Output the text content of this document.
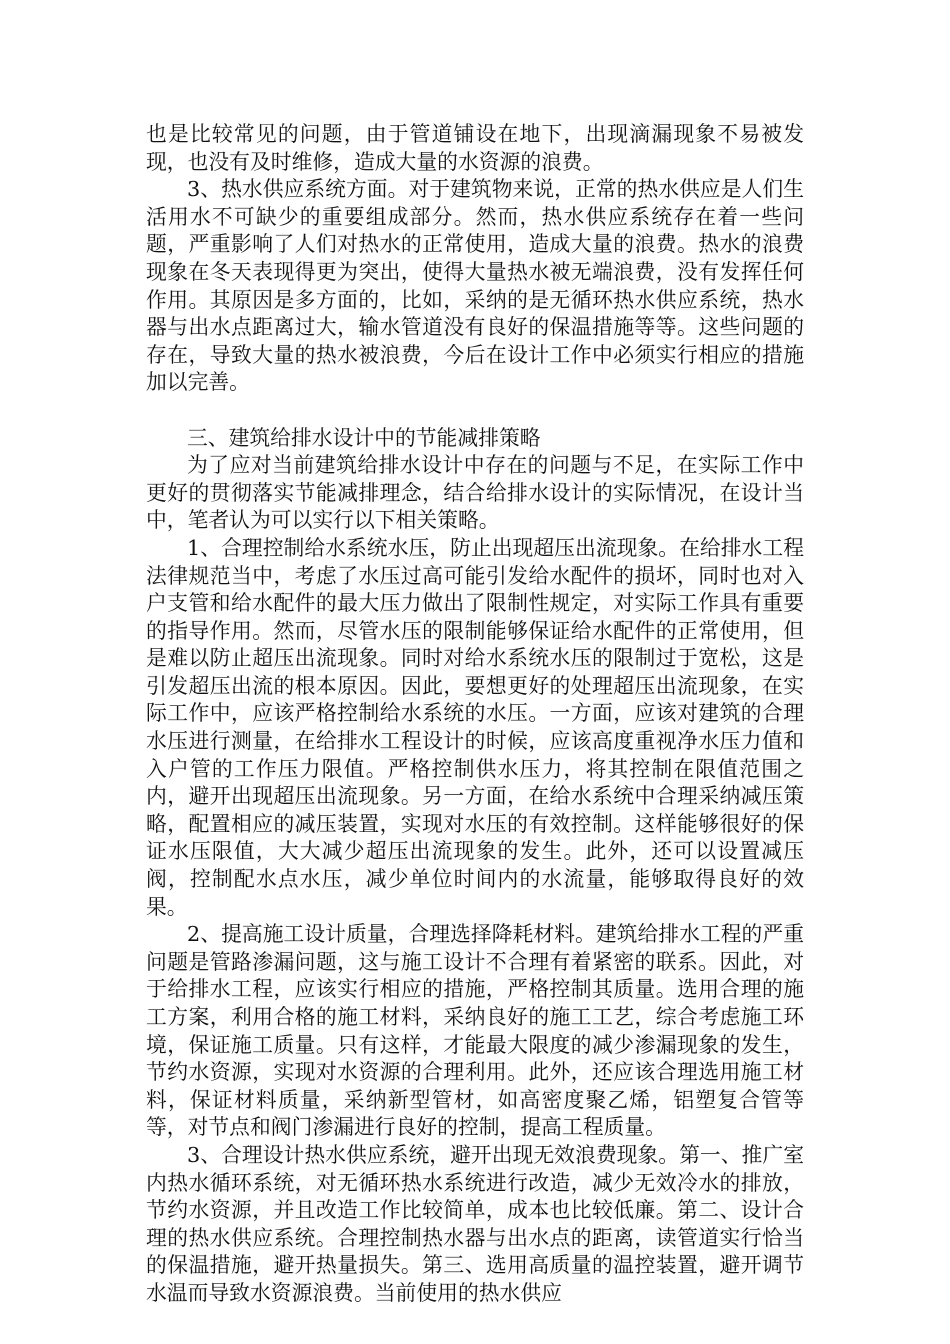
也是比较常见的问题，由于管道铺设在地下，出现滴漏现象不易被发现，也没有及时维修，造成大量的水资源的浪费。

3、热水供应系统方面。对于建筑物来说，正常的热水供应是人们生活用水不可缺少的重要组成部分。然而，热水供应系统存在着一些问题，严重影响了人们对热水的正常使用，造成大量的浪费。热水的浪费现象在冬天表现得更为突出，使得大量热水被无端浪费，没有发挥任何作用。其原因是多方面的，比如，采纳的是无循环热水供应系统，热水器与出水点距离过大，输水管道没有良好的保温措施等等。这些问题的存在，导致大量的热水被浪费，今后在设计工作中必须实行相应的措施加以完善。

三、建筑给排水设计中的节能减排策略

为了应对当前建筑给排水设计中存在的问题与不足，在实际工作中更好的贯彻落实节能减排理念，结合给排水设计的实际情况，在设计当中，笔者认为可以实行以下相关策略。

1、合理控制给水系统水压，防止出现超压出流现象。在给排水工程法律规范当中，考虑了水压过高可能引发给水配件的损坏，同时也对入户支管和给水配件的最大压力做出了限制性规定，对实际工作具有重要的指导作用。然而，尽管水压的限制能够保证给水配件的正常使用，但是难以防止超压出流现象。同时对给水系统水压的限制过于宽松，这是引发超压出流的根本原因。因此，要想更好的处理超压出流现象，在实际工作中，应该严格控制给水系统的水压。一方面，应该对建筑的合理水压进行测量，在给排水工程设计的时候，应该高度重视净水压力值和入户管的工作压力限值。严格控制供水压力，将其控制在限值范围之内，避开出现超压出流现象。另一方面，在给水系统中合理采纳减压策略，配置相应的减压装置，实现对水压的有效控制。这样能够很好的保证水压限值，大大减少超压出流现象的发生。此外，还可以设置减压阀，控制配水点水压，减少单位时间内的水流量，能够取得良好的效果。

2、提高施工设计质量，合理选择降耗材料。建筑给排水工程的严重问题是管路渗漏问题，这与施工设计不合理有着紧密的联系。因此，对于给排水工程，应该实行相应的措施，严格控制其质量。选用合理的施工方案，利用合格的施工材料，采纳良好的施工工艺，综合考虑施工环境，保证施工质量。只有这样，才能最大限度的减少渗漏现象的发生，节约水资源，实现对水资源的合理利用。此外，还应该合理选用施工材料，保证材料质量，采纳新型管材，如高密度聚乙烯，铝塑复合管等等，对节点和阀门渗漏进行良好的控制，提高工程质量。

3、合理设计热水供应系统，避开出现无效浪费现象。第一、推广室内热水循环系统，对无循环热水系统进行改造，减少无效冷水的排放，节约水资源，并且改造工作比较简单，成本也比较低廉。第二、设计合理的热水供应系统。合理控制热水器与出水点的距离，读管道实行恰当的保温措施，避开热量损失。第三、选用高质量的温控装置，避开调节水温而导致水资源浪费。当前使用的热水供应
